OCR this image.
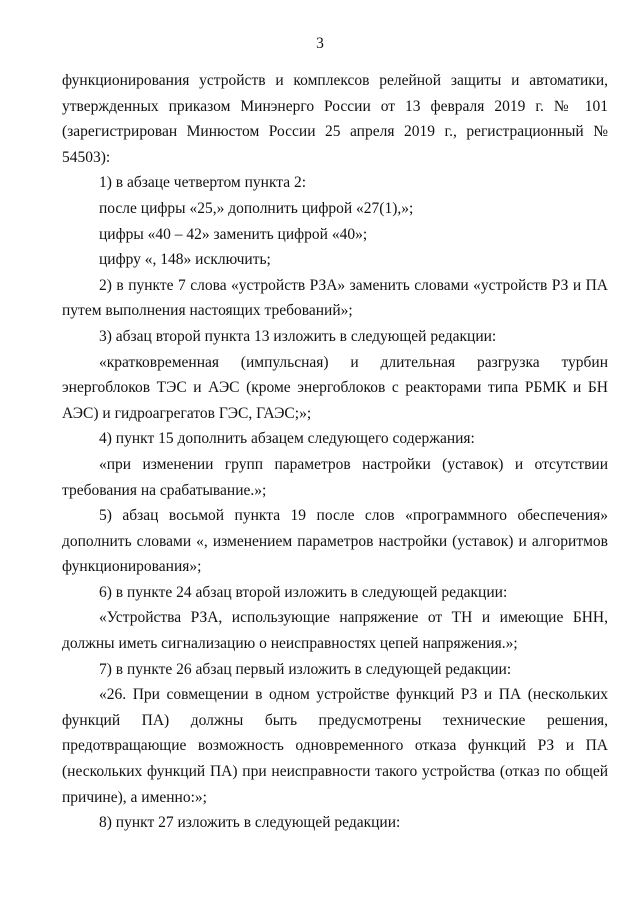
3

функционирования устройств и комплексов релейной защиты и автоматики, утвержденных приказом Минэнерго России от 13 февраля 2019 г. № 101 (зарегистрирован Минюстом России 25 апреля 2019 г., регистрационный № 54503):

1) в абзаце четвертом пункта 2:

после цифры «25,» дополнить цифрой «27(1),»;

цифры «40 – 42» заменить цифрой «40»;

цифру «, 148» исключить;

2) в пункте 7 слова «устройств РЗА» заменить словами «устройств РЗ и ПА путем выполнения настоящих требований»;

3) абзац второй пункта 13 изложить в следующей редакции:

«кратковременная (импульсная) и длительная разгрузка турбин энергоблоков ТЭС и АЭС (кроме энергоблоков с реакторами типа РБМК и БН АЭС) и гидроагрегатов ГЭС, ГАЭС;»;

4) пункт 15 дополнить абзацем следующего содержания:

«при изменении групп параметров настройки (уставок) и отсутствии требования на срабатывание.»;

5) абзац восьмой пункта 19 после слов «программного обеспечения» дополнить словами «, изменением параметров настройки (уставок) и алгоритмов функционирования»;

6) в пункте 24 абзац второй изложить в следующей редакции:

«Устройства РЗА, использующие напряжение от ТН и имеющие БНН, должны иметь сигнализацию о неисправностях цепей напряжения.»;

7) в пункте 26 абзац первый изложить в следующей редакции:

«26. При совмещении в одном устройстве функций РЗ и ПА (нескольких функций ПА) должны быть предусмотрены технические решения, предотвращающие возможность одновременного отказа функций РЗ и ПА (нескольких функций ПА) при неисправности такого устройства (отказ по общей причине), а именно:»;

8) пункт 27 изложить в следующей редакции:
